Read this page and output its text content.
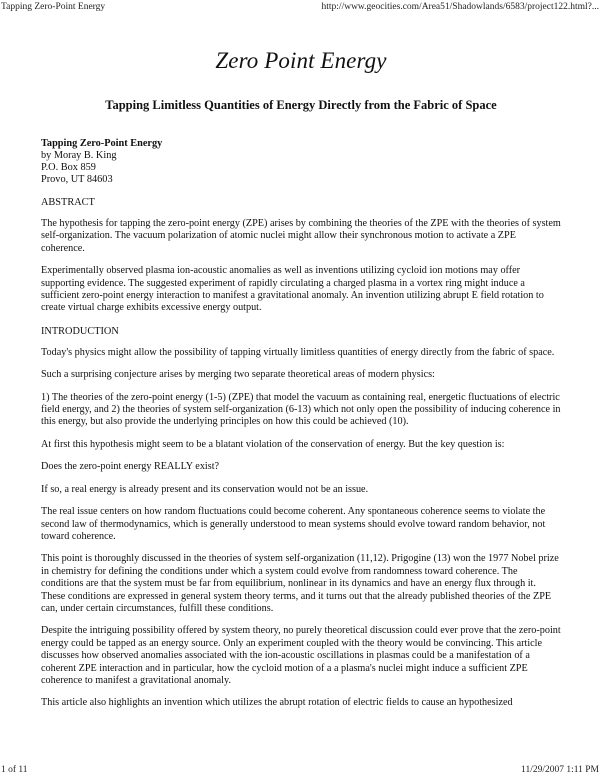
Tapping Zero-Point Energy	http://www.geocities.com/Area51/Shadowlands/6583/project122.html?...
Zero Point Energy
Tapping Limitless Quantities of Energy Directly from the Fabric of Space
Tapping Zero-Point Energy
by Moray B. King
P.O. Box 859
Provo, UT 84603
ABSTRACT

The hypothesis for tapping the zero-point energy (ZPE) arises by combining the theories of the ZPE with the theories of system self-organization. The vacuum polarization of atomic nuclei might allow their synchronous motion to activate a ZPE coherence.

Experimentally observed plasma ion-acoustic anomalies as well as inventions utilizing cycloid ion motions may offer supporting evidence. The suggested experiment of rapidly circulating a charged plasma in a vortex ring might induce a sufficient zero-point energy interaction to manifest a gravitational anomaly. An invention utilizing abrupt E field rotation to create virtual charge exhibits excessive energy output.

INTRODUCTION

Today's physics might allow the possibility of tapping virtually limitless quantities of energy directly from the fabric of space.

Such a surprising conjecture arises by merging two separate theoretical areas of modern physics:

1) The theories of the zero-point energy (1-5) (ZPE) that model the vacuum as containing real, energetic fluctuations of electric field energy, and 2) the theories of system self-organization (6-13) which not only open the possibility of inducing coherence in this energy, but also provide the underlying principles on how this could be achieved (10).

At first this hypothesis might seem to be a blatant violation of the conservation of energy. But the key question is:

Does the zero-point energy REALLY exist?

If so, a real energy is already present and its conservation would not be an issue.

The real issue centers on how random fluctuations could become coherent. Any spontaneous coherence seems to violate the second law of thermodynamics, which is generally understood to mean systems should evolve toward random behavior, not toward coherence.

This point is thoroughly discussed in the theories of system self-organization (11,12). Prigogine (13) won the 1977 Nobel prize in chemistry for defining the conditions under which a system could evolve from randomness toward coherence. The conditions are that the system must be far from equilibrium, nonlinear in its dynamics and have an energy flux through it. These conditions are expressed in general system theory terms, and it turns out that the already published theories of the ZPE can, under certain circumstances, fulfill these conditions.

Despite the intriguing possibility offered by system theory, no purely theoretical discussion could ever prove that the zero-point energy could be tapped as an energy source. Only an experiment coupled with the theory would be convincing. This article discusses how observed anomalies associated with the ion-acoustic oscillations in plasmas could be a manifestation of a coherent ZPE interaction and in particular, how the cycloid motion of a a plasma's nuclei might induce a sufficient ZPE coherence to manifest a gravitational anomaly.

This article also highlights an invention which utilizes the abrupt rotation of electric fields to cause an hypothesized

1 of 11	11/29/2007 1:11 PM
